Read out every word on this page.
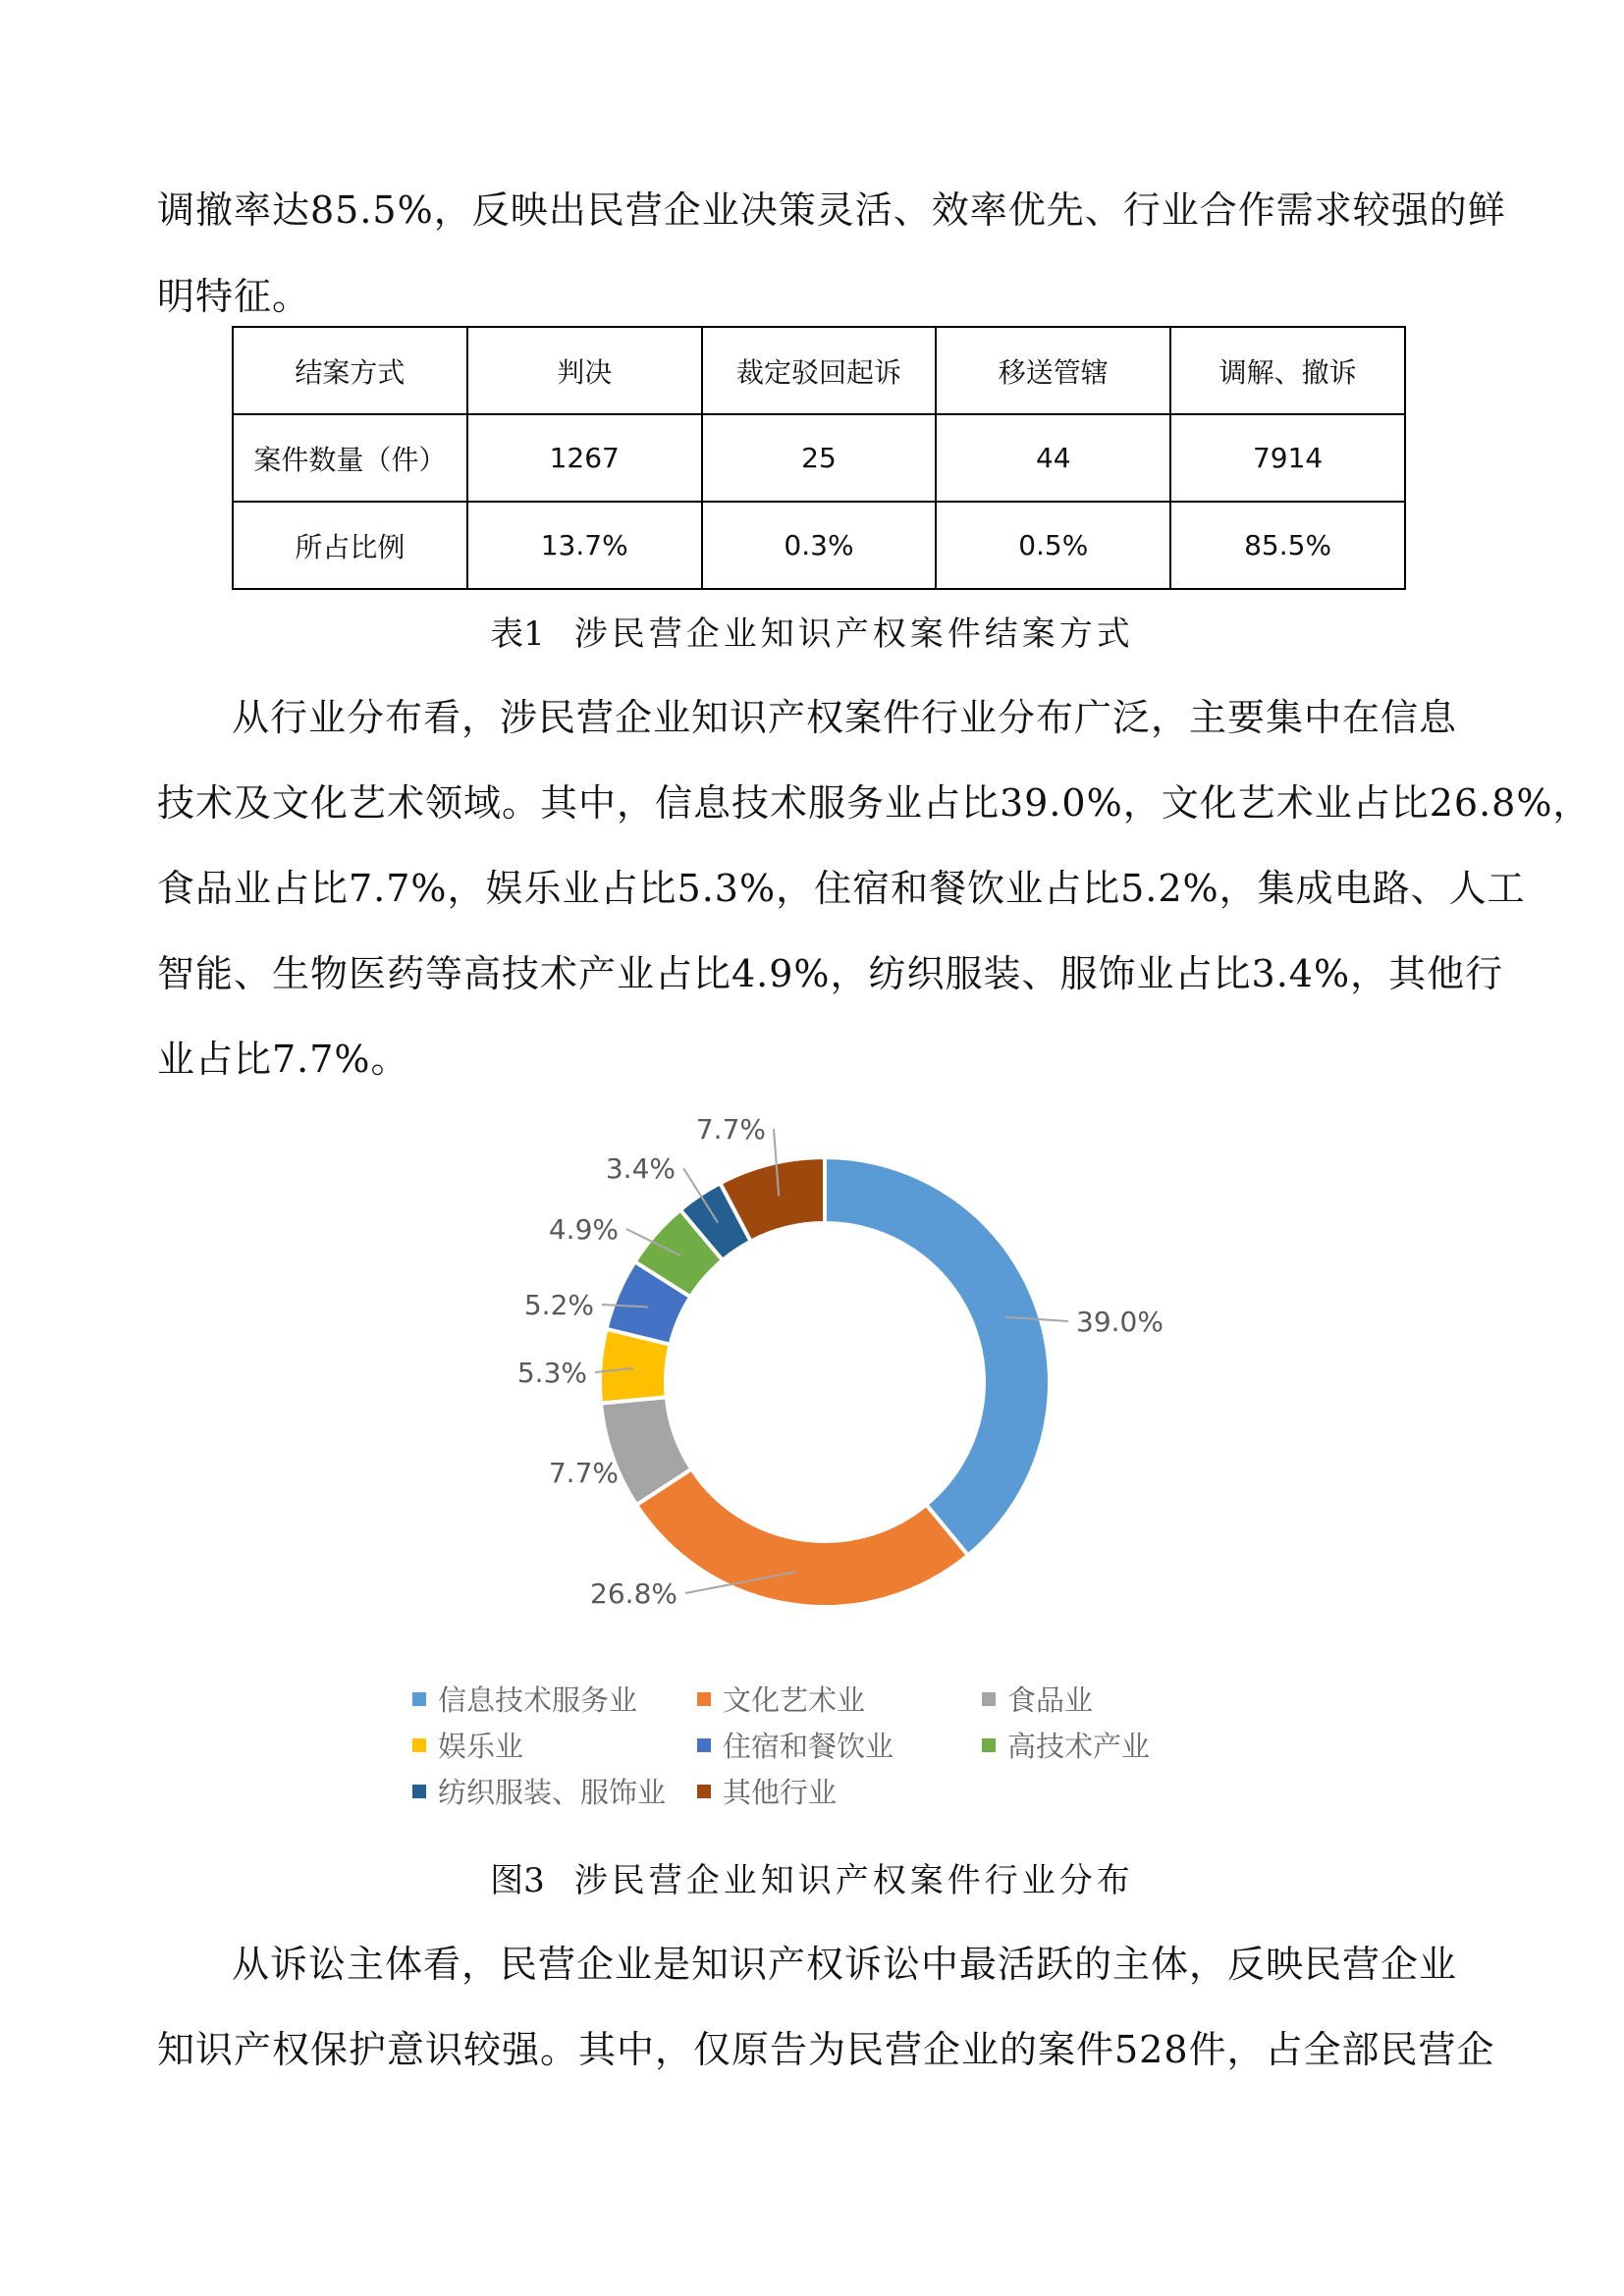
调撤率达85.5%，反映出民营企业决策灵活、效率优先、行业合作需求较强的鲜
明特征。
结案方式	判决	裁定驳回起诉	移送管辖	调解、撤诉
案件数量（件）	1267	25	44	7914
所占比例	13.7%	0.3%	0.5%	85.5%
表1 涉民营企业知识产权案件结案方式
从行业分布看，涉民营企业知识产权案件行业分布广泛，主要集中在信息
技术及文化艺术领域。其中，信息技术服务业占比39.0%，文化艺术业占比26.8%，
食品业占比7.7%，娱乐业占比5.3%，住宿和餐饮业占比5.2%，集成电路、人工
智能、生物医药等高技术产业占比4.9%，纺织服装、服饰业占比3.4%，其他行
业占比7.7%。
39.0%
26.8%
7.7%
5.3%
5.2%
4.9%
3.4%
7.7%
信息技术服务业	文化艺术业	食品业
娱乐业	住宿和餐饮业	高技术产业
纺织服装、服饰业 其他行业
图3 涉民营企业知识产权案件行业分布
从诉讼主体看，民营企业是知识产权诉讼中最活跃的主体，反映民营企业
知识产权保护意识较强。其中，仅原告为民营企业的案件528件，占全部民营企
